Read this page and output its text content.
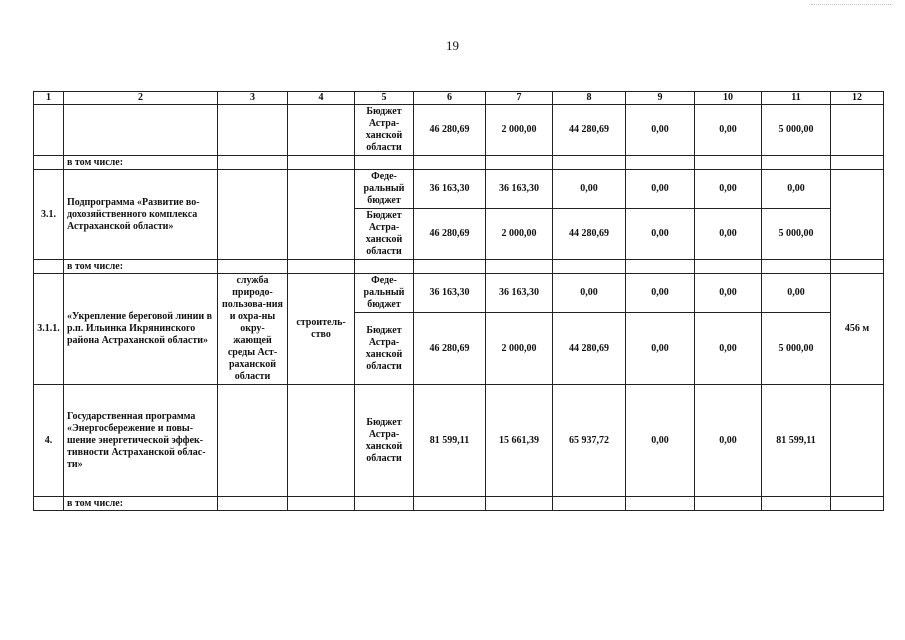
19
1	2	3	4	5	6	7	8	9	10	11	12
				Бюджет Астра-ханской области	46 280,69	2 000,00	44 280,69	0,00	0,00	5 000,00	
	в том числе:										
3.1.	Подпрограмма «Развитие во-дохозяйственного комплекса Астраханской области»			Феде-ральный бюджет	36 163,30	36 163,30	0,00	0,00	0,00	0,00	
				Бюджет Астра-ханской области	46 280,69	2 000,00	44 280,69	0,00	0,00	5 000,00	
	в том числе:										
3.1.1.	«Укрепление береговой линии в р.п. Ильинка Икрянинского района Астраханской области»	служба природо-пользова-ния и охра-ны окру-жающей среды Аст-раханской области	строитель-ство	Феде-ральный бюджет	36 163,30	36 163,30	0,00	0,00	0,00	0,00	456 м
				Бюджет Астра-ханской области	46 280,69	2 000,00	44 280,69	0,00	0,00	5 000,00	
4.	Государственная программа «Энергосбережение и повы-шение энергетической эффек-тивности Астраханской облас-ти»			Бюджет Астра-ханской области	81 599,11	15 661,39	65 937,72	0,00	0,00	81 599,11	
	в том числе:										
